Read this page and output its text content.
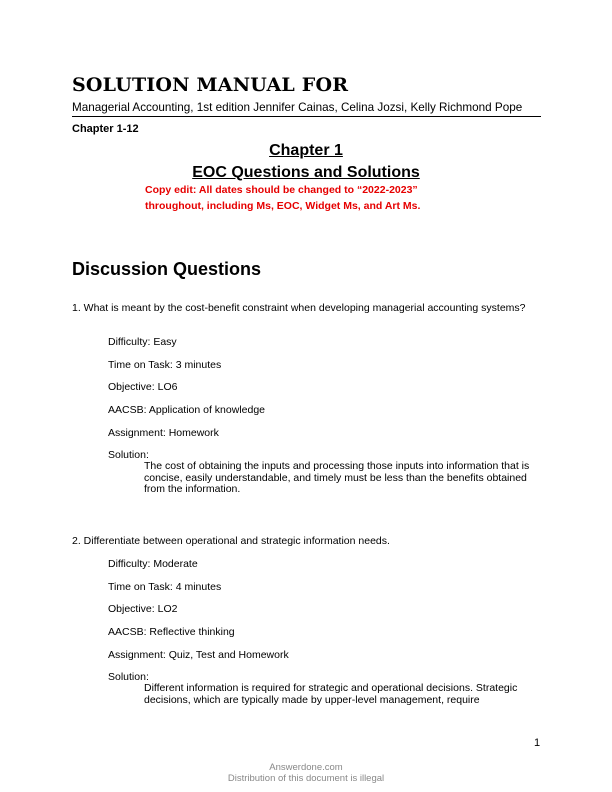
SOLUTION MANUAL FOR
Managerial Accounting, 1st edition Jennifer Cainas, Celina Jozsi, Kelly Richmond Pope
Chapter 1-12
Chapter 1
EOC Questions and Solutions
Copy edit: All dates should be changed to “2022-2023”
throughout, including Ms, EOC, Widget Ms, and Art Ms.
Discussion Questions
1. What is meant by the cost-benefit constraint when developing managerial accounting systems?
Difficulty: Easy
Time on Task: 3 minutes
Objective: LO6
AACSB: Application of knowledge
Assignment: Homework
Solution:
The cost of obtaining the inputs and processing those inputs into information that is concise, easily understandable, and timely must be less than the benefits obtained from the information.
2. Differentiate between operational and strategic information needs.
Difficulty: Moderate
Time on Task: 4 minutes
Objective: LO2
AACSB: Reflective thinking
Assignment: Quiz, Test and Homework
Solution:
Different information is required for strategic and operational decisions. Strategic decisions, which are typically made by upper-level management, require
1
Answerdone.com
Distribution of this document is illegal
